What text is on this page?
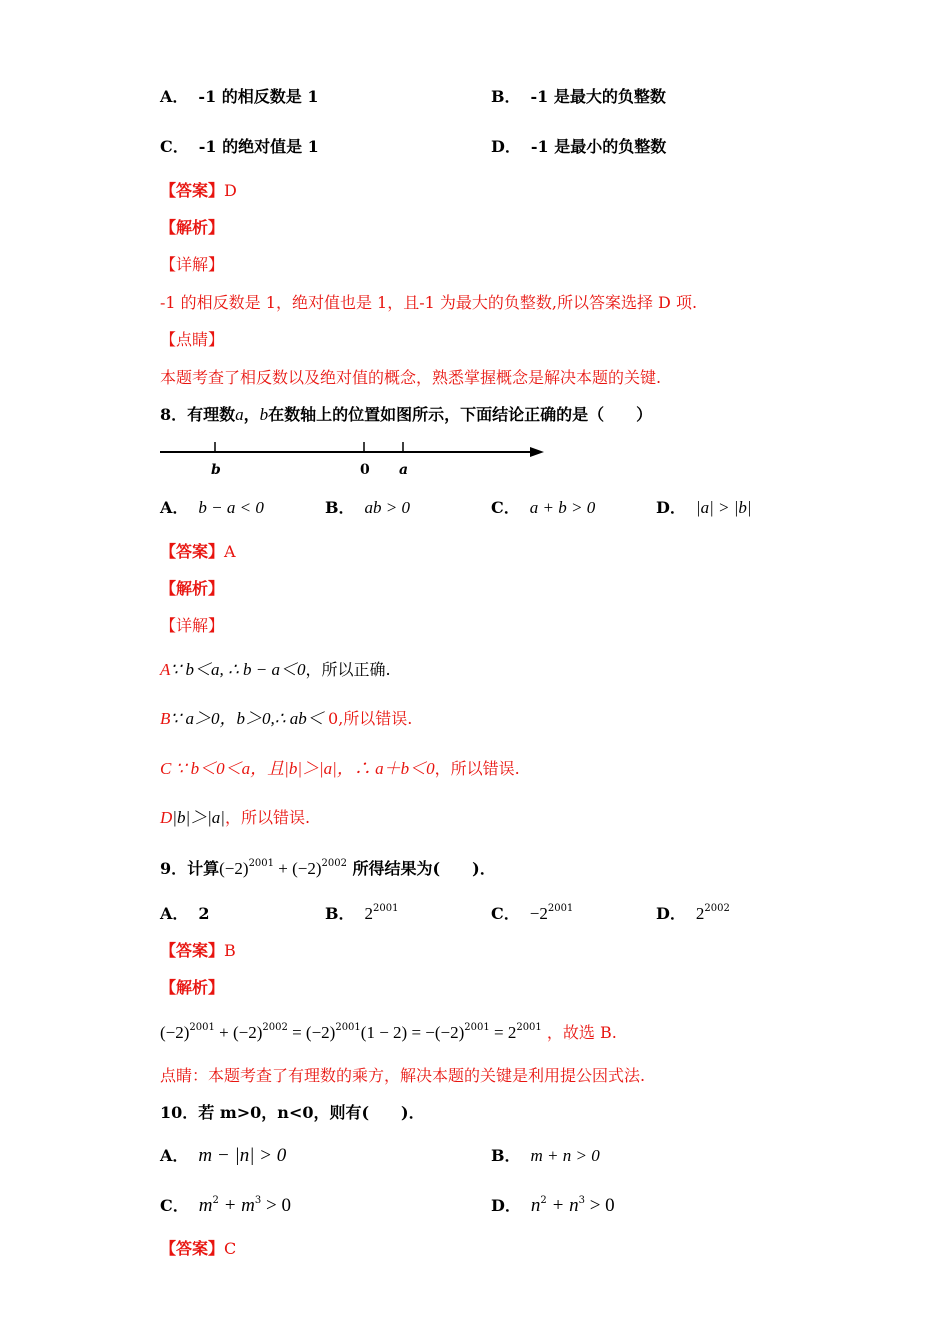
A． -1 的相反数是 1	B． -1 是最大的负整数
C． -1 的绝对值是 1	D． -1 是最小的负整数
【答案】D
【解析】
【详解】
-1 的相反数是 1，绝对值也是 1，且-1 为最大的负整数,所以答案选择 D 项.
【点睛】
本题考查了相反数以及绝对值的概念，熟悉掌握概念是解决本题的关键.
8．有理数a，b在数轴上的位置如图所示，下面结论正确的是（　　）
b	0 a
A． b − a < 0	B． ab > 0	C． a + b > 0	D． |a| > |b|
【答案】A
【解析】
【详解】
A∵ b＜a, ∴ b − a＜0，所以正确.
B∵ a＞0，b＞0,∴ ab＜ 0,所以错误.
C ∵ b＜0＜a，且|b|＞|a|，∴ a＋b＜0，所以错误.
D|b|＞|a|，所以错误.
9．计算$(-2)^{2001} + (-2)^{2002}$ 所得结果为(　　)．
A． 2	B． $2^{2001}$	C． $-2^{2001}$	D． $2^{2002}$
【答案】B
【解析】
$(-2)^{2001} + (-2)^{2002} = (-2)^{2001}(1 - 2) = -(-2)^{2001} = 2^{2001}$ ，故选 B.
点睛：本题考查了有理数的乘方，解决本题的关键是利用提公因式法.
10．若 m>0，n<0，则有(　　)．
A． m − |n| > 0	B． m + n > 0
C． $m^2 + m^3 > 0$	D． $n^2 + n^3 > 0$
【答案】C
